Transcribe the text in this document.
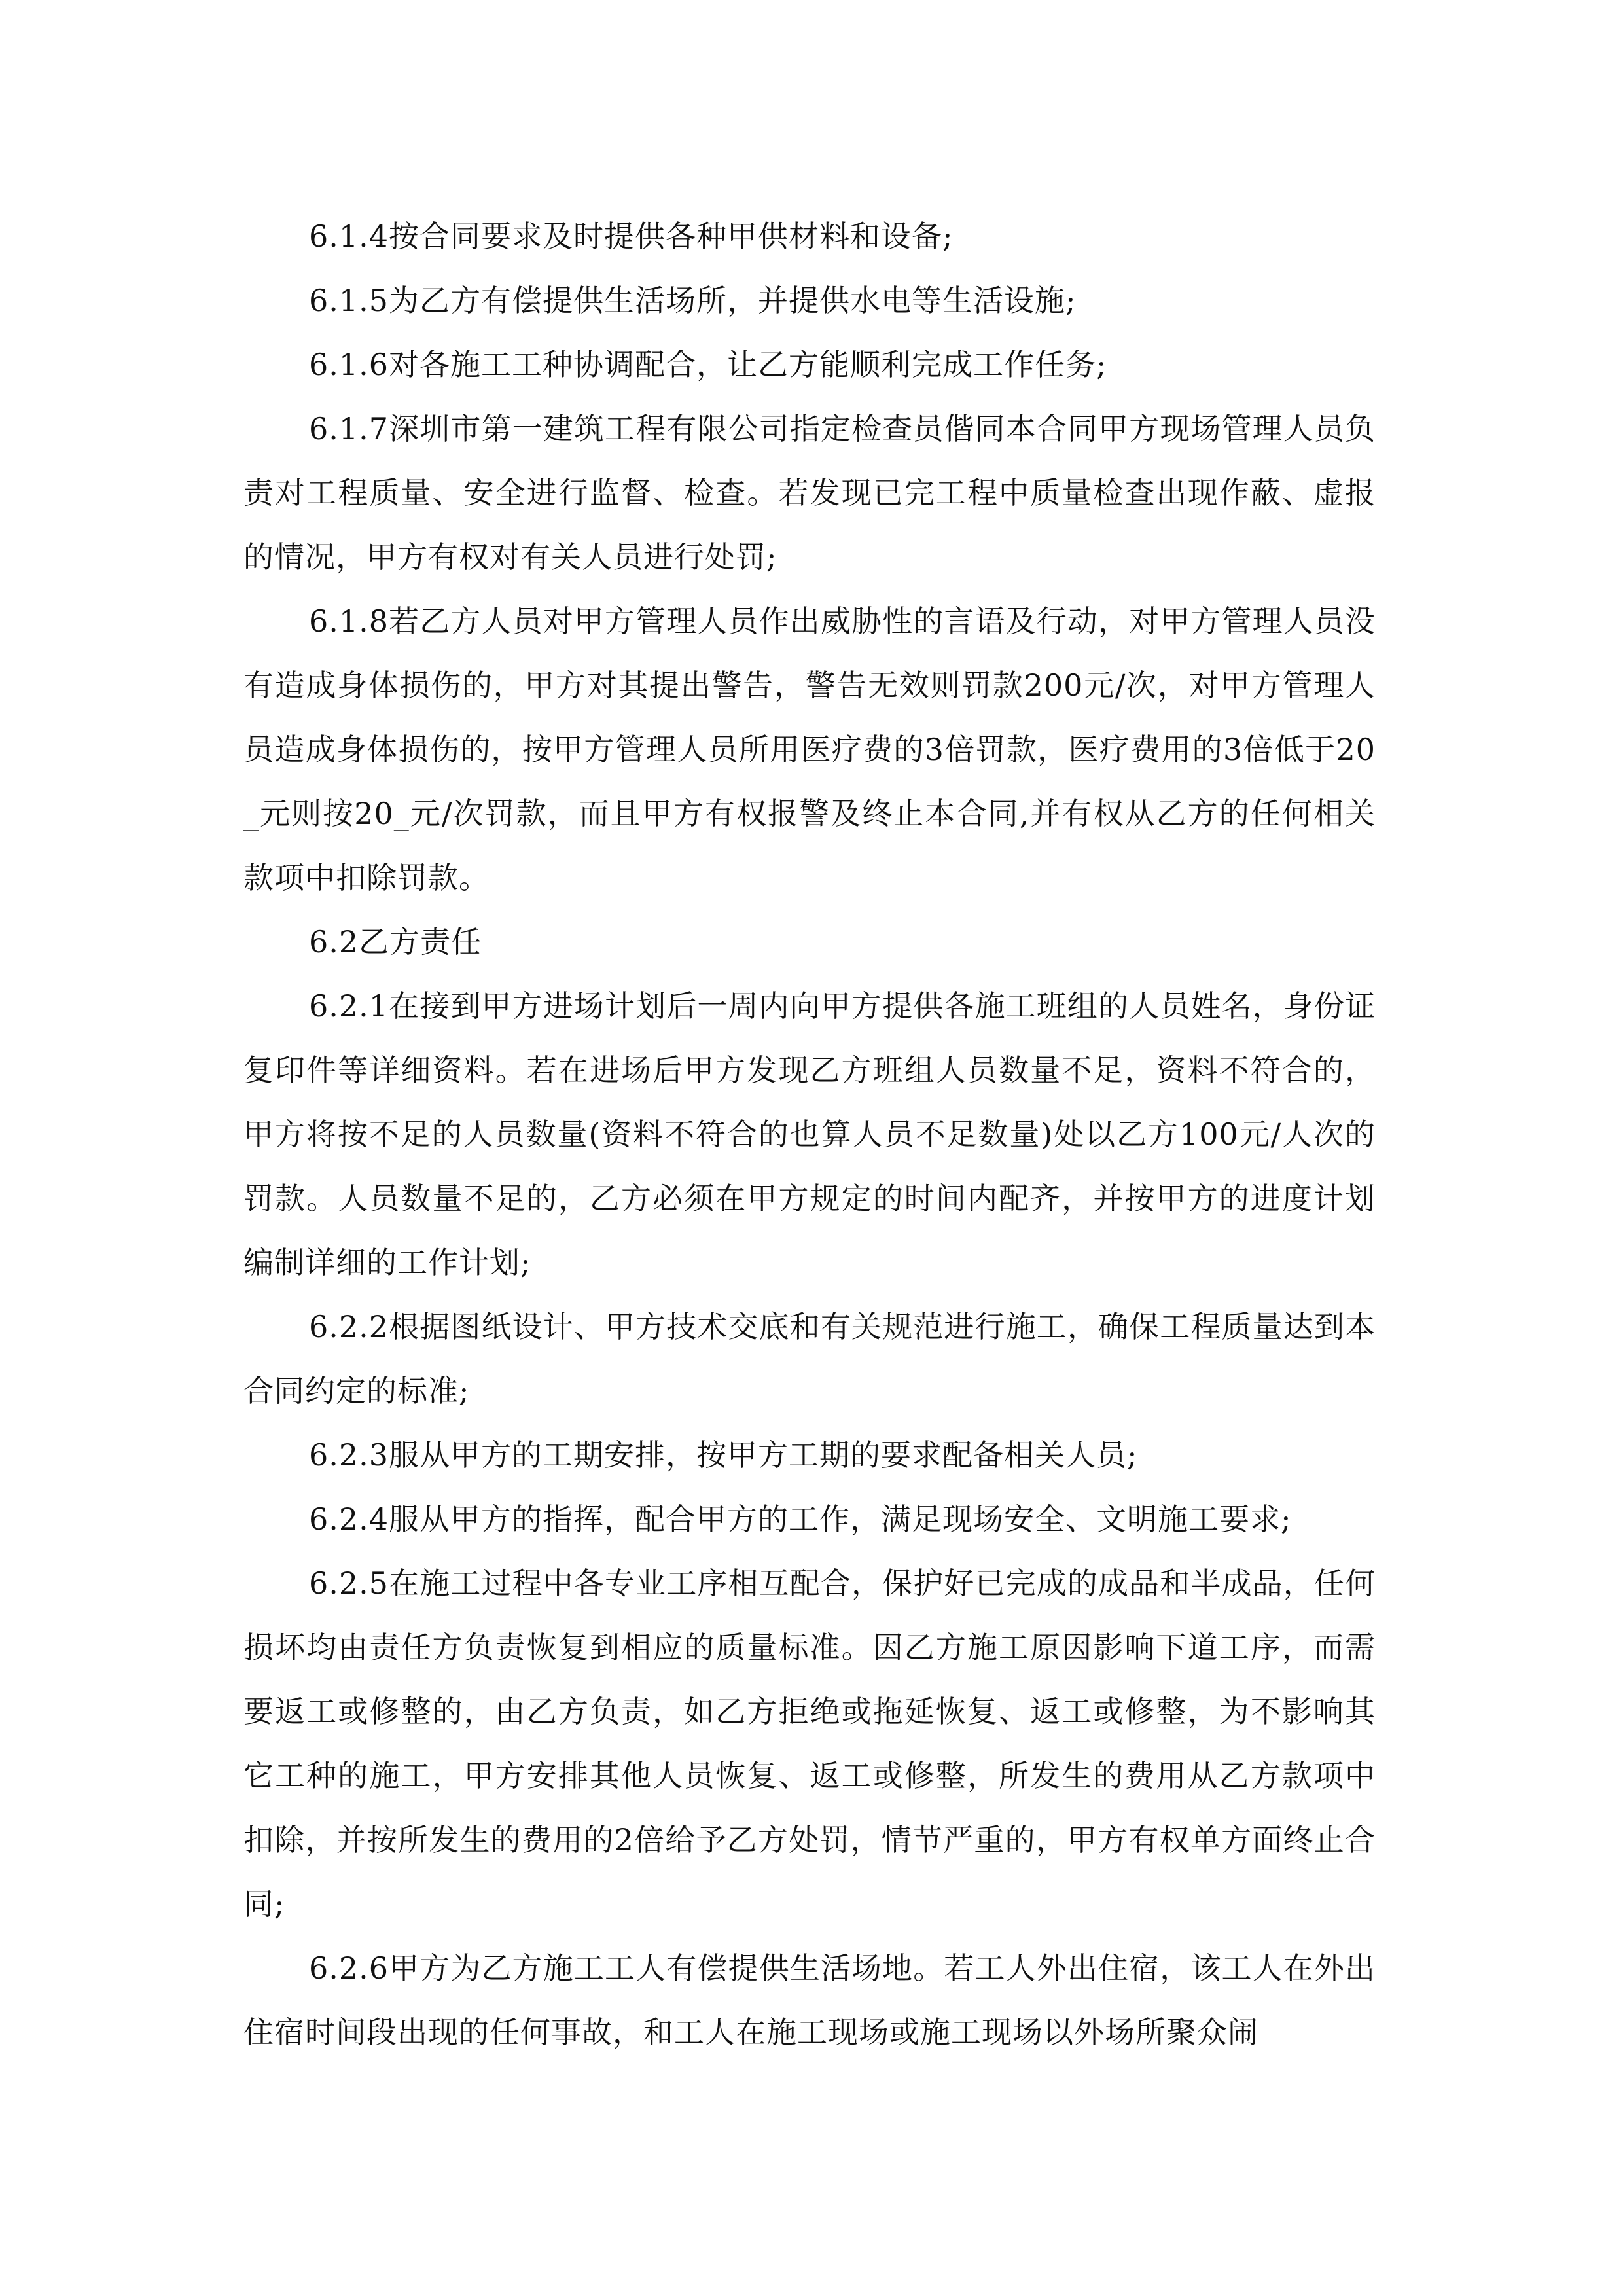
6.1.4按合同要求及时提供各种甲供材料和设备;

6.1.5为乙方有偿提供生活场所，并提供水电等生活设施;

6.1.6对各施工工种协调配合，让乙方能顺利完成工作任务;

6.1.7深圳市第一建筑工程有限公司指定检查员偕同本合同甲方现场管理人员负责对工程质量、安全进行监督、检查。若发现已完工程中质量检查出现作蔽、虚报的情况，甲方有权对有关人员进行处罚;

6.1.8若乙方人员对甲方管理人员作出威胁性的言语及行动，对甲方管理人员没有造成身体损伤的，甲方对其提出警告，警告无效则罚款200元/次，对甲方管理人员造成身体损伤的，按甲方管理人员所用医疗费的3倍罚款，医疗费用的3倍低于20_元则按20_元/次罚款，而且甲方有权报警及终止本合同,并有权从乙方的任何相关款项中扣除罚款。

6.2乙方责任

6.2.1在接到甲方进场计划后一周内向甲方提供各施工班组的人员姓名，身份证复印件等详细资料。若在进场后甲方发现乙方班组人员数量不足，资料不符合的，甲方将按不足的人员数量(资料不符合的也算人员不足数量)处以乙方100元/人次的罚款。人员数量不足的，乙方必须在甲方规定的时间内配齐，并按甲方的进度计划编制详细的工作计划;

6.2.2根据图纸设计、甲方技术交底和有关规范进行施工，确保工程质量达到本合同约定的标准;

6.2.3服从甲方的工期安排，按甲方工期的要求配备相关人员;

6.2.4服从甲方的指挥，配合甲方的工作，满足现场安全、文明施工要求;

6.2.5在施工过程中各专业工序相互配合，保护好已完成的成品和半成品，任何损坏均由责任方负责恢复到相应的质量标准。因乙方施工原因影响下道工序，而需要返工或修整的，由乙方负责，如乙方拒绝或拖延恢复、返工或修整，为不影响其它工种的施工，甲方安排其他人员恢复、返工或修整，所发生的费用从乙方款项中扣除，并按所发生的费用的2倍给予乙方处罚，情节严重的，甲方有权单方面终止合同;

6.2.6甲方为乙方施工工人有偿提供生活场地。若工人外出住宿，该工人在外出住宿时间段出现的任何事故，和工人在施工现场或施工现场以外场所聚众闹
